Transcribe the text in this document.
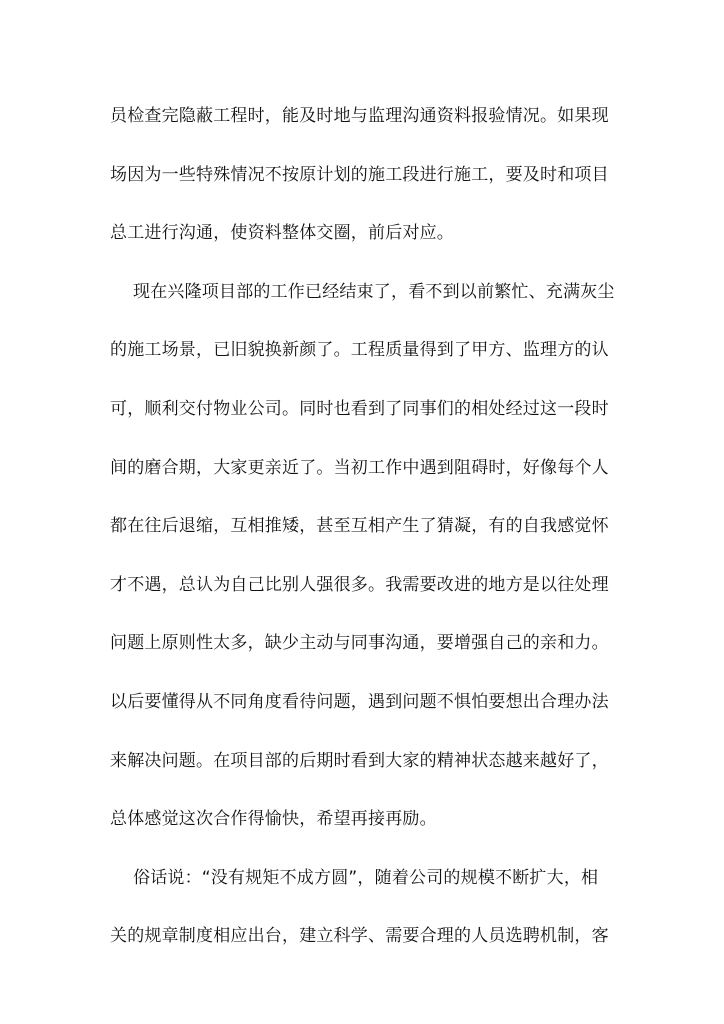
员检查完隐蔽工程时，能及时地与监理沟通资料报验情况。如果现
场因为一些特殊情况不按原计划的施工段进行施工，要及时和项目
总工进行沟通，使资料整体交圈，前后对应。
现在兴隆项目部的工作已经结束了，看不到以前繁忙、充满灰尘
的施工场景，已旧貌换新颜了。工程质量得到了甲方、监理方的认
可，顺利交付物业公司。同时也看到了同事们的相处经过这一段时
间的磨合期，大家更亲近了。当初工作中遇到阻碍时，好像每个人
都在往后退缩，互相推矮，甚至互相产生了猜凝，有的自我感觉怀
才不遇，总认为自己比别人强很多。我需要改进的地方是以往处理
问题上原则性太多，缺少主动与同事沟通，要增强自己的亲和力。
以后要懂得从不同角度看待问题，遇到问题不惧怕要想出合理办法
来解决问题。在项目部的后期时看到大家的精神状态越来越好了，
总体感觉这次合作得愉快，希望再接再励。
俗话说：“没有规矩不成方圆”，随着公司的规模不断扩大，相
关的规章制度相应出台，建立科学、需要合理的人员选聘机制，客
